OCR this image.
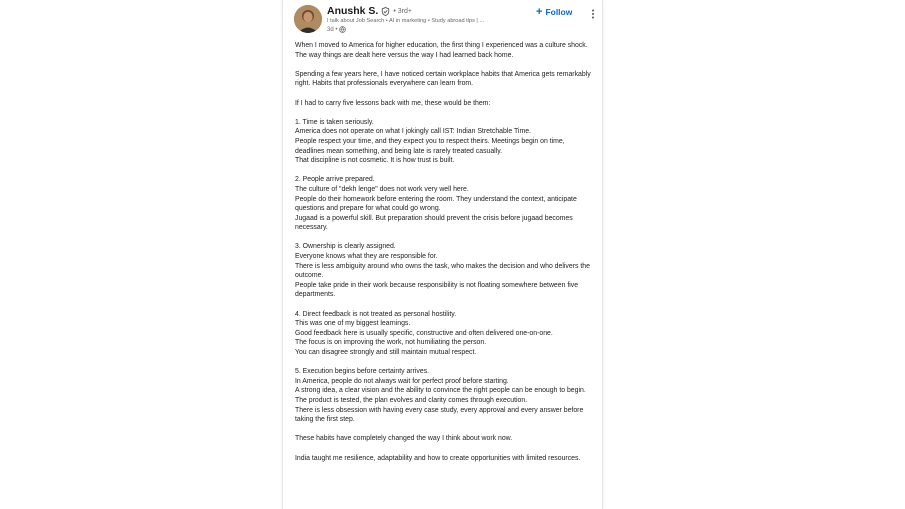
Anushk S. • 3rd+
I talk about Job Search • AI in marketing • Study abroad tips | ...
3d •
+ Follow
When I moved to America for higher education, the first thing I experienced was a culture shock.
The way things are dealt here versus the way I had learned back home.

Spending a few years here, I have noticed certain workplace habits that America gets remarkably right. Habits that professionals everywhere can learn from.

If I had to carry five lessons back with me, these would be them:

1. Time is taken seriously.
America does not operate on what I jokingly call IST: Indian Stretchable Time.
People respect your time, and they expect you to respect theirs. Meetings begin on time, deadlines mean something, and being late is rarely treated casually.
That discipline is not cosmetic. It is how trust is built.

2. People arrive prepared.
The culture of "dekh lenge" does not work very well here.
People do their homework before entering the room. They understand the context, anticipate questions and prepare for what could go wrong.
Jugaad is a powerful skill. But preparation should prevent the crisis before jugaad becomes necessary.

3. Ownership is clearly assigned.
Everyone knows what they are responsible for.
There is less ambiguity around who owns the task, who makes the decision and who delivers the outcome.
People take pride in their work because responsibility is not floating somewhere between five departments.

4. Direct feedback is not treated as personal hostility.
This was one of my biggest learnings.
Good feedback here is usually specific, constructive and often delivered one-on-one.
The focus is on improving the work, not humiliating the person.
You can disagree strongly and still maintain mutual respect.

5. Execution begins before certainty arrives.
In America, people do not always wait for perfect proof before starting.
A strong idea, a clear vision and the ability to convince the right people can be enough to begin. The product is tested, the plan evolves and clarity comes through execution.
There is less obsession with having every case study, every approval and every answer before taking the first step.

These habits have completely changed the way I think about work now.

India taught me resilience, adaptability and how to create opportunities with limited resources.
